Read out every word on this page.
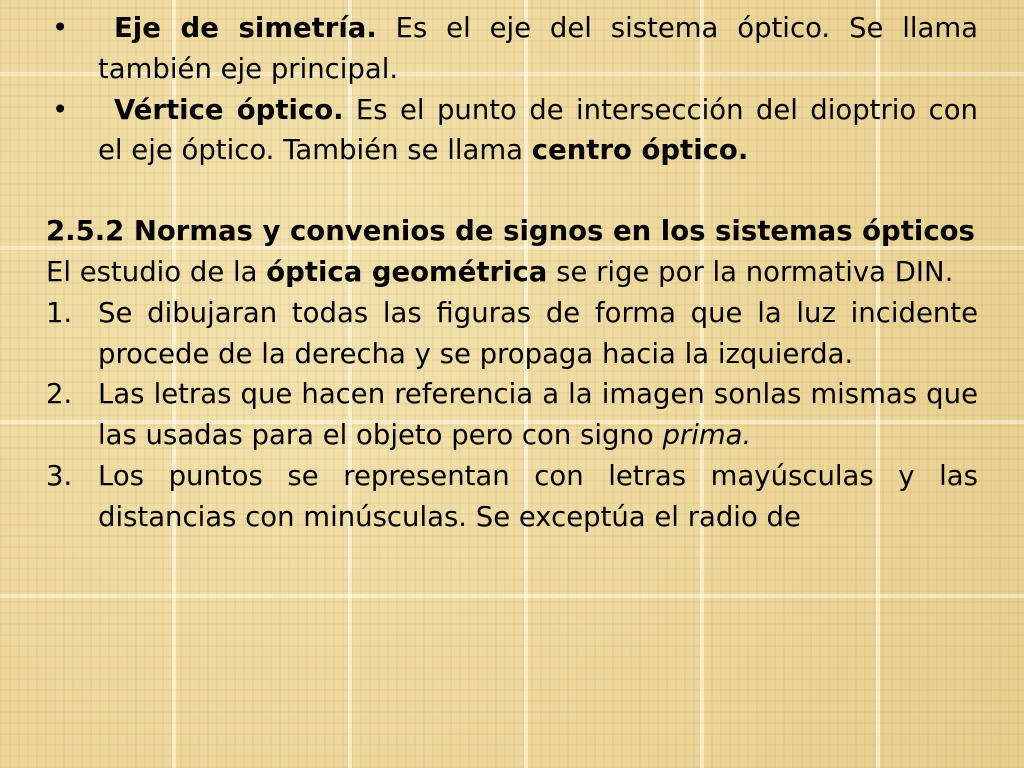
• Eje de simetría. Es el eje del sistema óptico. Se llama también eje principal.
• Vértice óptico. Es el punto de intersección del dioptrio con el eje óptico. También se llama centro óptico.

2.5.2 Normas y convenios de signos en los sistemas ópticos

El estudio de la óptica geométrica se rige por la normativa DIN.

1. Se dibujaran todas las figuras de forma que la luz incidente procede de la derecha y se propaga hacia la izquierda.
2. Las letras que hacen referencia a la imagen sonlas mismas que las usadas para el objeto pero con signo prima.
3. Los puntos se representan con letras mayúsculas y las distancias con minúsculas. Se exceptúa el radio de
